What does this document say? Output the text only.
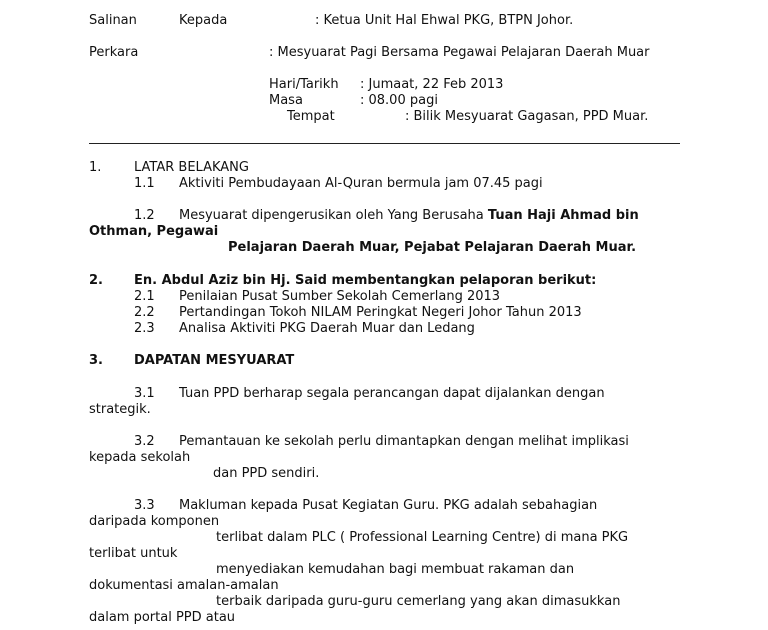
Salinan	Kepada	: Ketua Unit Hal Ehwal PKG, BTPN Johor.
Perkara	: Mesyuarat Pagi Bersama Pegawai Pelajaran Daerah Muar
Hari/Tarikh : Jumaat, 22 Feb 2013
Masa	: 08.00 pagi
Tempat	: Bilik Mesyuarat Gagasan, PPD Muar.
1.	LATAR BELAKANG
1.1 Aktiviti Pembudayaan Al-Quran bermula jam 07.45 pagi
1.2 Mesyuarat dipengerusikan oleh Yang Berusaha Tuan Haji Ahmad bin
Othman, Pegawai
Pelajaran Daerah Muar, Pejabat Pelajaran Daerah Muar.
2. En. Abdul Aziz bin Hj. Said membentangkan pelaporan berikut:
2.1 Penilaian Pusat Sumber Sekolah Cemerlang 2013
2.2 Pertandingan Tokoh NILAM Peringkat Negeri Johor Tahun 2013
2.3 Analisa Aktiviti PKG Daerah Muar dan Ledang
3. DAPATAN MESYUARAT
3.1 Tuan PPD berharap segala perancangan dapat dijalankan dengan
strategik.
3.2 Pemantauan ke sekolah perlu dimantapkan dengan melihat implikasi
kepada sekolah
dan PPD sendiri.
3.3 Makluman kepada Pusat Kegiatan Guru. PKG adalah sebahagian
daripada komponen
terlibat dalam PLC ( Professional Learning Centre) di mana PKG
terlibat untuk
menyediakan kemudahan bagi membuat rakaman dan
dokumentasi amalan-amalan
terbaik daripada guru-guru cemerlang yang akan dimasukkan
dalam portal PPD atau
